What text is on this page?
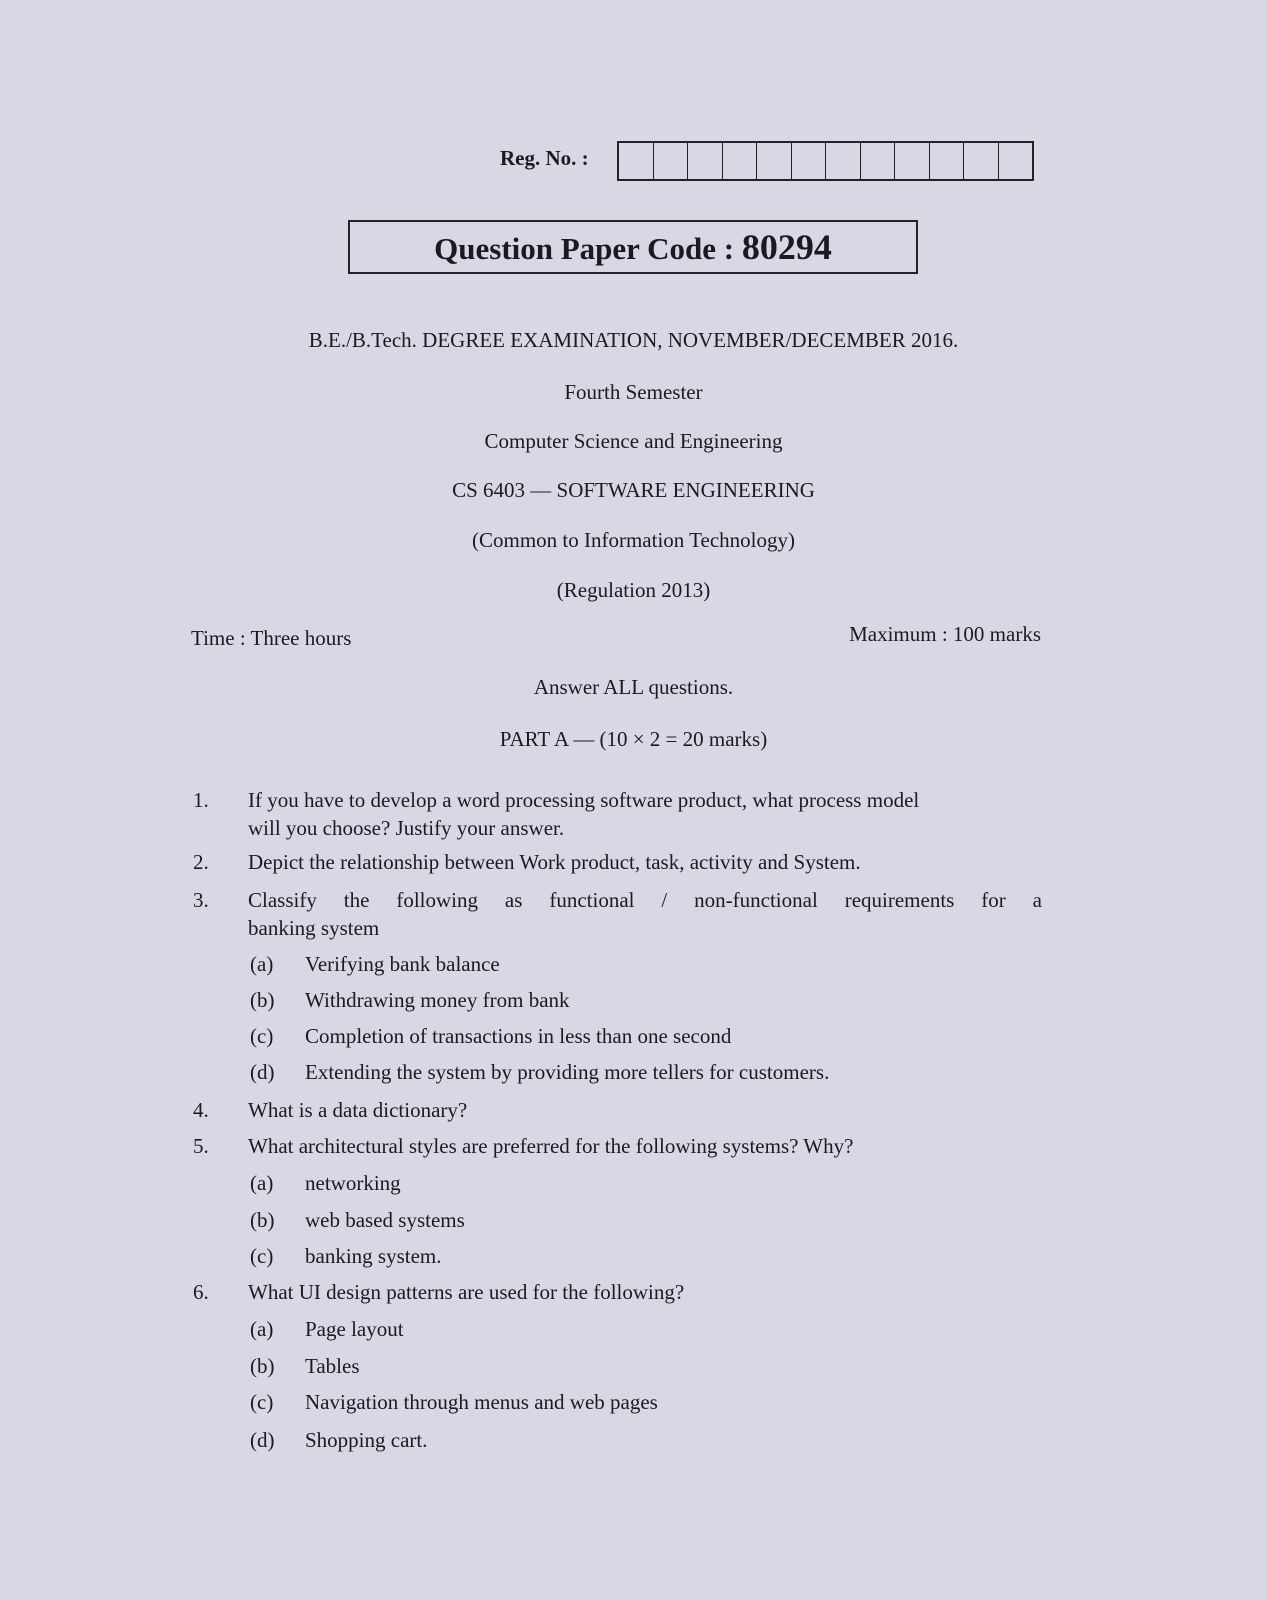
Reg. No. :
Question Paper Code : 80294
B.E./B.Tech. DEGREE EXAMINATION, NOVEMBER/DECEMBER 2016.
Fourth Semester
Computer Science and Engineering
CS 6403 — SOFTWARE ENGINEERING
(Common to Information Technology)
(Regulation 2013)
Time : Three hours	Maximum : 100 marks
Answer ALL questions.
PART A — (10 × 2 = 20 marks)
1. If you have to develop a word processing software product, what process model
will you choose? Justify your answer.
2. Depict the relationship between Work product, task, activity and System.
3. Classify the following as functional / non-functional requirements for a
banking system
(a) Verifying bank balance
(b) Withdrawing money from bank
(c) Completion of transactions in less than one second
(d) Extending the system by providing more tellers for customers.
4. What is a data dictionary?
5. What architectural styles are preferred for the following systems? Why?
(a) networking
(b) web based systems
(c) banking system.
6. What UI design patterns are used for the following?
(a) Page layout
(b) Tables
(c) Navigation through menus and web pages
(d) Shopping cart.
